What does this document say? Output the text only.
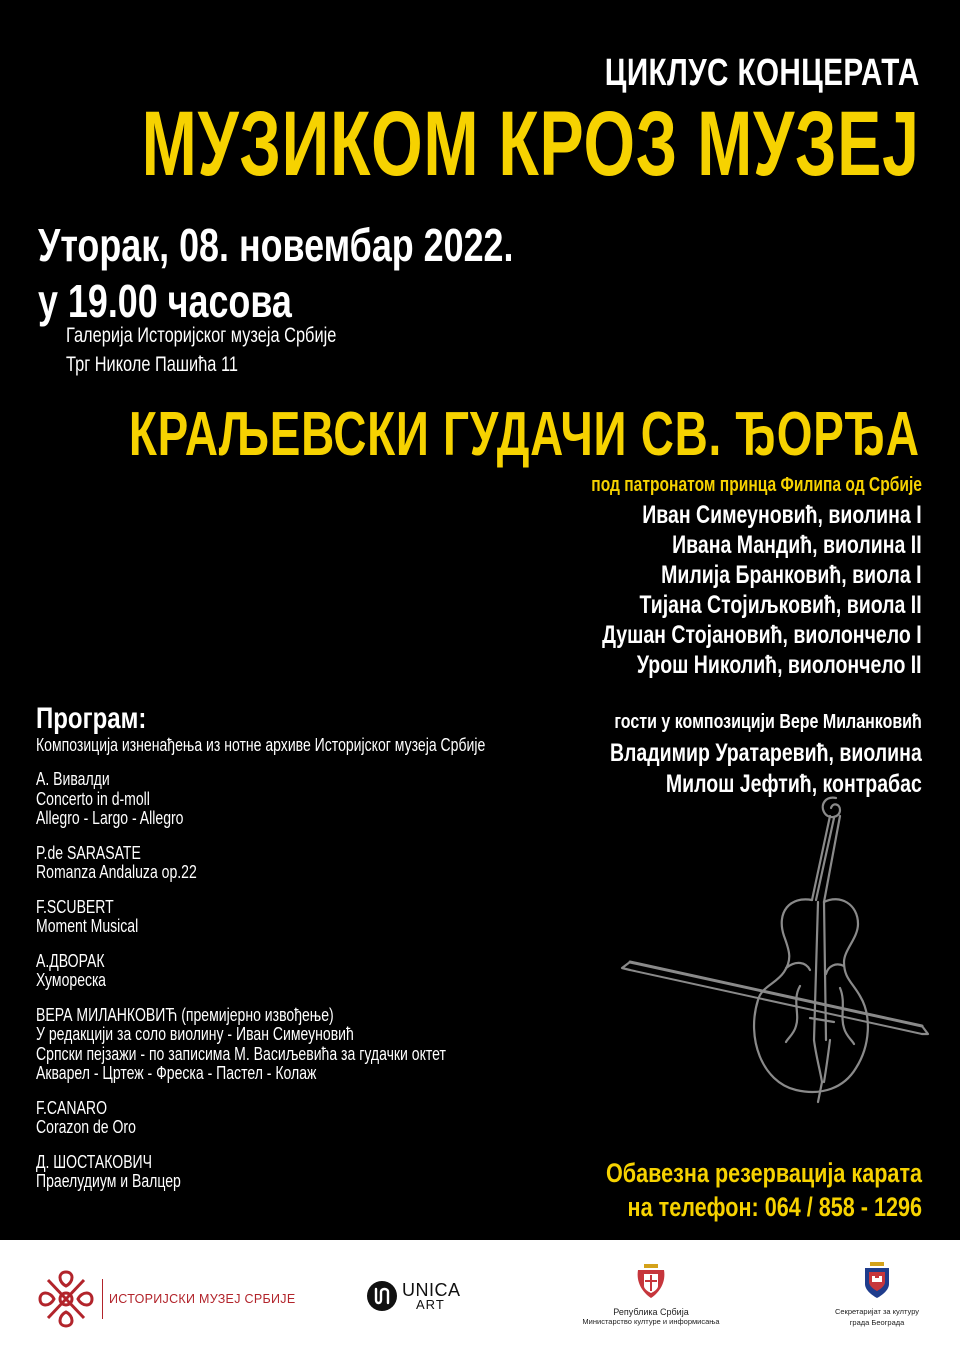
ЦИКЛУС КОНЦЕРАТА
МУЗИКОМ КРОЗ МУЗЕЈ
Уторак, 08. новембар 2022.
у 19.00 часова
Галерија Историјског музеја Србије
Трг Николе Пашића 11
КРАЉЕВСКИ ГУДАЧИ СВ. ЂОРЂА
под патронатом принца Филипа од Србије
Иван Симеуновић, виолина I
Ивана Мандић, виолина II
Милија Бранковић, виола I
Тијана Стојиљковић, виола II
Душан Стојановић, виолончело I
Урош Николић, виолончело II
гости у композицији Вере Миланковић
Владимир Уратаревић, виолина
Милош Јефтић, контрабас
Програм:
Композиција изненађења из нотне архиве Историјског музеја Србије
А. Вивалди
Concerto in d-moll
Allegro - Largo - Allegro
P.de SARASATE
Romanza Andaluza op.22
F.SCUBERT
Moment Musical
А.ДВОРАК
Хуморескa
ВЕРА МИЛАНКОВИЋ (премијерно извођење)
У редакцији за соло виолину - Иван Симеуновић
Српски пејзажи - по записима М. Васиљевића за гудачки октет
Акварел - Цртеж - Фреска - Пастел - Колаж
F.CANARO
Corazon de Oro
Д. ШОСТАКОВИЧ
Праелудиум и Валцер	Обавезна резервација карата
на телефон: 064 / 858 - 1296
ИСТОРИЈСКИ МУЗЕЈ СРБИЈЕ	UNICA
ART
Република Србија
Министарство културе и информисања
Секретаријат за културу
града Београда
